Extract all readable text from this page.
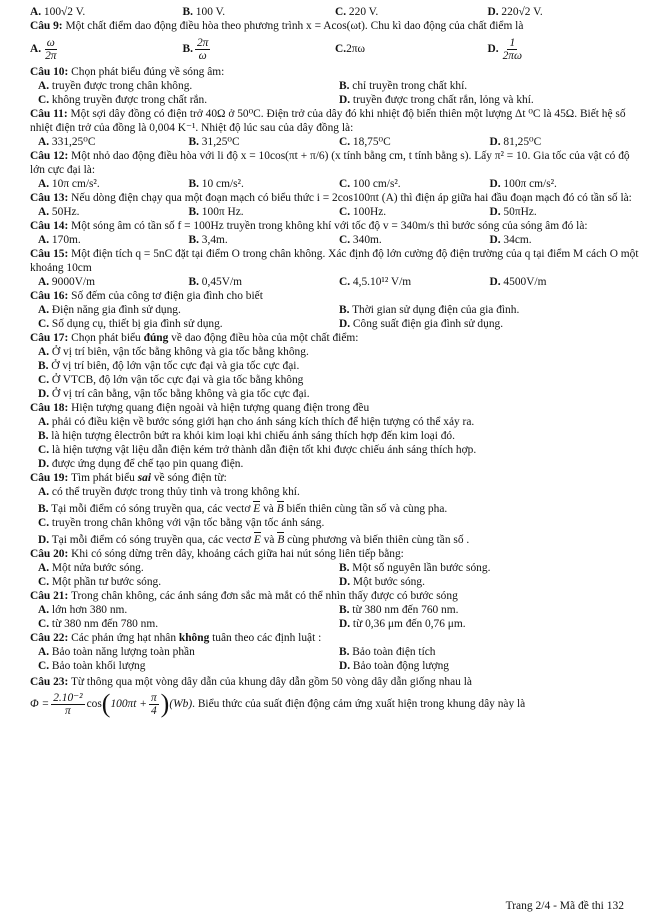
A. 100√2 V.	B. 100 V.	C. 220 V.	D. 220√2 V.
Câu 9: Một chất điểm dao động điều hòa theo phương trình x = Acos(ωt). Chu kì dao động của chất điểm là
A. $\frac{\omega}{2\pi}$	B. $\frac{2\pi}{\omega}$	C. 2πω	D. $\frac{1}{2\pi\omega}$
Câu 10: Chọn phát biểu đúng về sóng âm:
A. truyền được trong chân không.	B. chỉ truyền trong chất khí.
C. không truyền được trong chất rắn.	D. truyền được trong chất rắn, lỏng và khí.
Câu 11: Một sợi dây đồng có điện trở 40Ω ở 50⁰C. Điện trở của dây đó khi nhiệt độ biến thiên một lượng Δt ⁰C là 45Ω. Biết hệ số nhiệt điện trở của đồng là 0,004 K⁻¹. Nhiệt độ lúc sau của dây đồng là:
A. 331,25⁰C	B. 31,25⁰C	C. 18,75⁰C	D. 81,25⁰C
Câu 12: Một nhỏ dao động điều hòa với li độ x = 10cos(πt + π/6) (x tính bằng cm, t tính bằng s). Lấy π² = 10. Gia tốc của vật có độ lớn cực đại là:
A. 10π cm/s².	B. 10 cm/s².	C. 100 cm/s².	D. 100π cm/s².
Câu 13: Nếu dòng điện chạy qua một đoạn mạch có biểu thức i = 2cos100πt (A) thì điện áp giữa hai đầu đoạn mạch đó có tần số là:
A. 50Hz.	B. 100π Hz.	C. 100Hz.	D. 50πHz.
Câu 14: Một sóng âm có tần số f = 100Hz truyền trong không khí với tốc độ v = 340m/s thì bước sóng của sóng âm đó là:
A. 170m.	B. 3,4m.	C. 340m.	D. 34cm.
Câu 15: Một điện tích q = 5nC đặt tại điểm O trong chân không. Xác định độ lớn cường độ điện trường của q tại điểm M cách O một khoảng 10cm
A. 9000V/m	B. 0,45V/m	C. 4,5.10¹² V/m	D. 4500V/m
Câu 16: Số đếm của công tơ điện gia đình cho biết
A. Điện năng gia đình sử dụng.	B. Thời gian sử dụng điện của gia đình.
C. Số dụng cụ, thiết bị gia đình sử dụng.	D. Công suất điện gia đình sử dụng.
Câu 17: Chọn phát biểu đúng về dao động điều hòa của một chất điểm:
A. Ở vị trí biên, vận tốc bằng không và gia tốc bằng không.
B. Ở vị trí biên, độ lớn vận tốc cực đại và gia tốc cực đại.
C. Ở VTCB, độ lớn vận tốc cực đại và gia tốc bằng không
D. Ở vị trí cân bằng, vận tốc bằng không và gia tốc cực đại.
Câu 18: Hiện tượng quang điện ngoài và hiện tượng quang điện trong đều
A. phải có điều kiện về bước sóng giới hạn cho ánh sáng kích thích để hiện tượng có thể xảy ra.
B. là hiện tượng êlectrôn bứt ra khỏi kim loại khi chiếu ánh sáng thích hợp đến kim loại đó.
C. là hiện tượng vật liệu dẫn điện kém trở thành dẫn điện tốt khi được chiếu ánh sáng thích hợp.
D. được ứng dụng để chế tạo pin quang điện.
Câu 19: Tìm phát biểu sai về sóng điện từ:
A. có thể truyền được trong thủy tinh và trong không khí.
B. Tại mỗi điểm có sóng truyền qua, các vectơ E và B biến thiên cùng tần số và cùng pha.
C. truyền trong chân không với vận tốc bằng vận tốc ánh sáng.
D. Tại mỗi điểm có sóng truyền qua, các vectơ E và B cùng phương và biến thiên cùng tần số .
Câu 20: Khi có sóng dừng trên dây, khoảng cách giữa hai nút sóng liên tiếp bằng:
A. Một nửa bước sóng.	B. Một số nguyên lần bước sóng.
C. Một phần tư bước sóng.	D. Một bước sóng.
Câu 21: Trong chân không, các ánh sáng đơn sắc mà mắt có thể nhìn thấy được có bước sóng
A. lớn hơn 380 nm.	B. từ 380 nm đến 760 nm.
C. từ 380 nm đến 780 nm.	D. từ 0,36 μm đến 0,76 μm.
Câu 22: Các phản ứng hạt nhân không tuân theo các định luật :
A. Bảo toàn năng lượng toàn phần	B. Bảo toàn điện tích
C. Bảo toàn khối lượng	D. Bảo toàn động lượng
Câu 23: Từ thông qua một vòng dây dẫn của khung dây dẫn gồm 50 vòng dây dẫn giống nhau là
$\Phi = \frac{\text{2.10⁻²}}{\pi}$ cos ( $100\pi t + \frac{\pi}{4}$ ) (Wb) . Biểu thức của suất điện động cảm ứng xuất hiện trong khung dây này là
Trang 2/4 - Mã đề thi 132
